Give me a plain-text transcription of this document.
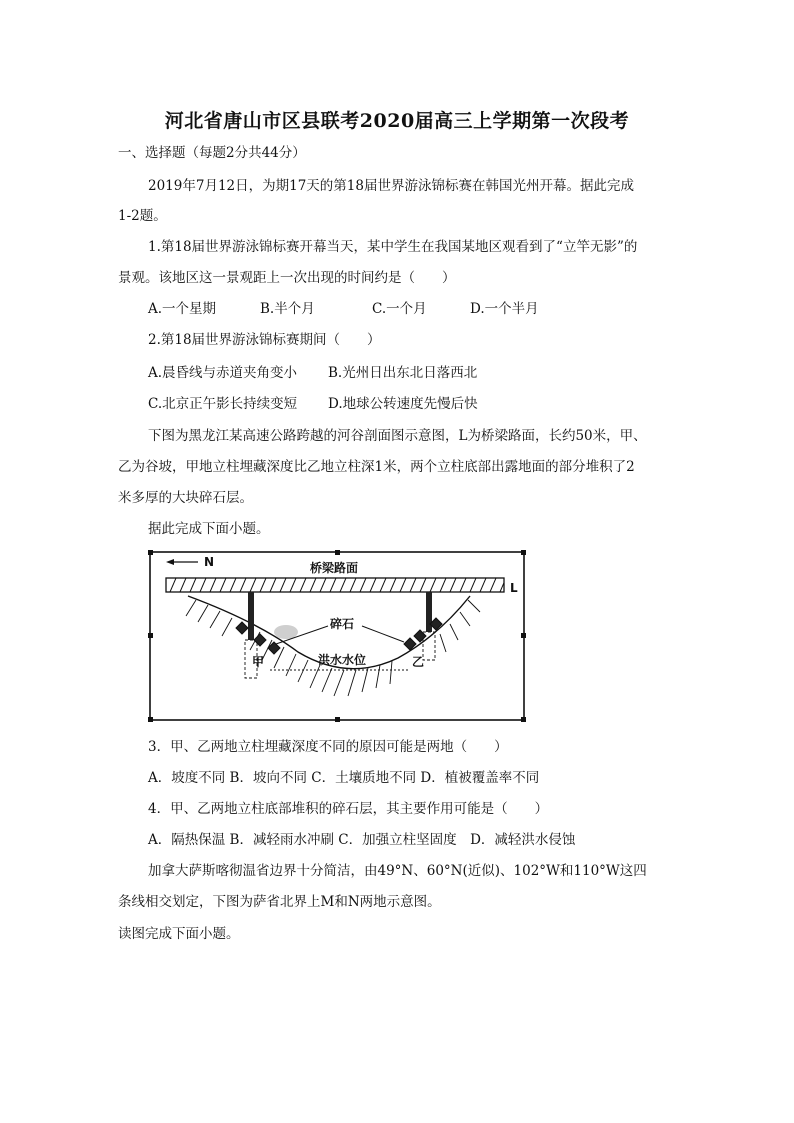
河北省唐山市区县联考2020届高三上学期第一次段考
一、选择题（每题2分共44分）
2019年7月12日，为期17天的第18届世界游泳锦标赛在韩国光州开幕。据此完成
1-2题。
1.第18届世界游泳锦标赛开幕当天，某中学生在我国某地区观看到了“立竿无影”的
景观。该地区这一景观距上一次出现的时间约是（　　）
A.一个星期	B.半个月	C.一个月	D.一个半月
2.第18届世界游泳锦标赛期间（　　）
A.晨昏线与赤道夹角变小 B.光州日出东北日落西北
C.北京正午影长持续变短 D.地球公转速度先慢后快
下图为黑龙江某高速公路跨越的河谷剖面图示意图，L为桥梁路面，长约50米，甲、
乙为谷坡，甲地立柱埋藏深度比乙地立柱深1米，两个立柱底部出露地面的部分堆积了2
米多厚的大块碎石层。
据此完成下面小题。
N	桥梁路面
L
碎石
洪水水位
甲	乙
3．甲、乙两地立柱埋藏深度不同的原因可能是两地（　　）
A．坡度不同 B．坡向不同 C．土壤质地不同 D．植被覆盖率不同
4．甲、乙两地立柱底部堆积的碎石层，其主要作用可能是（　　）
A．隔热保温 B．减轻雨水冲刷 C．加强立柱坚固度　D．减轻洪水侵蚀
加拿大萨斯喀彻温省边界十分简洁，由49°N、60°N(近似)、102°W和110°W这四
条线相交划定，下图为萨省北界上M和N两地示意图。
读图完成下面小题。
